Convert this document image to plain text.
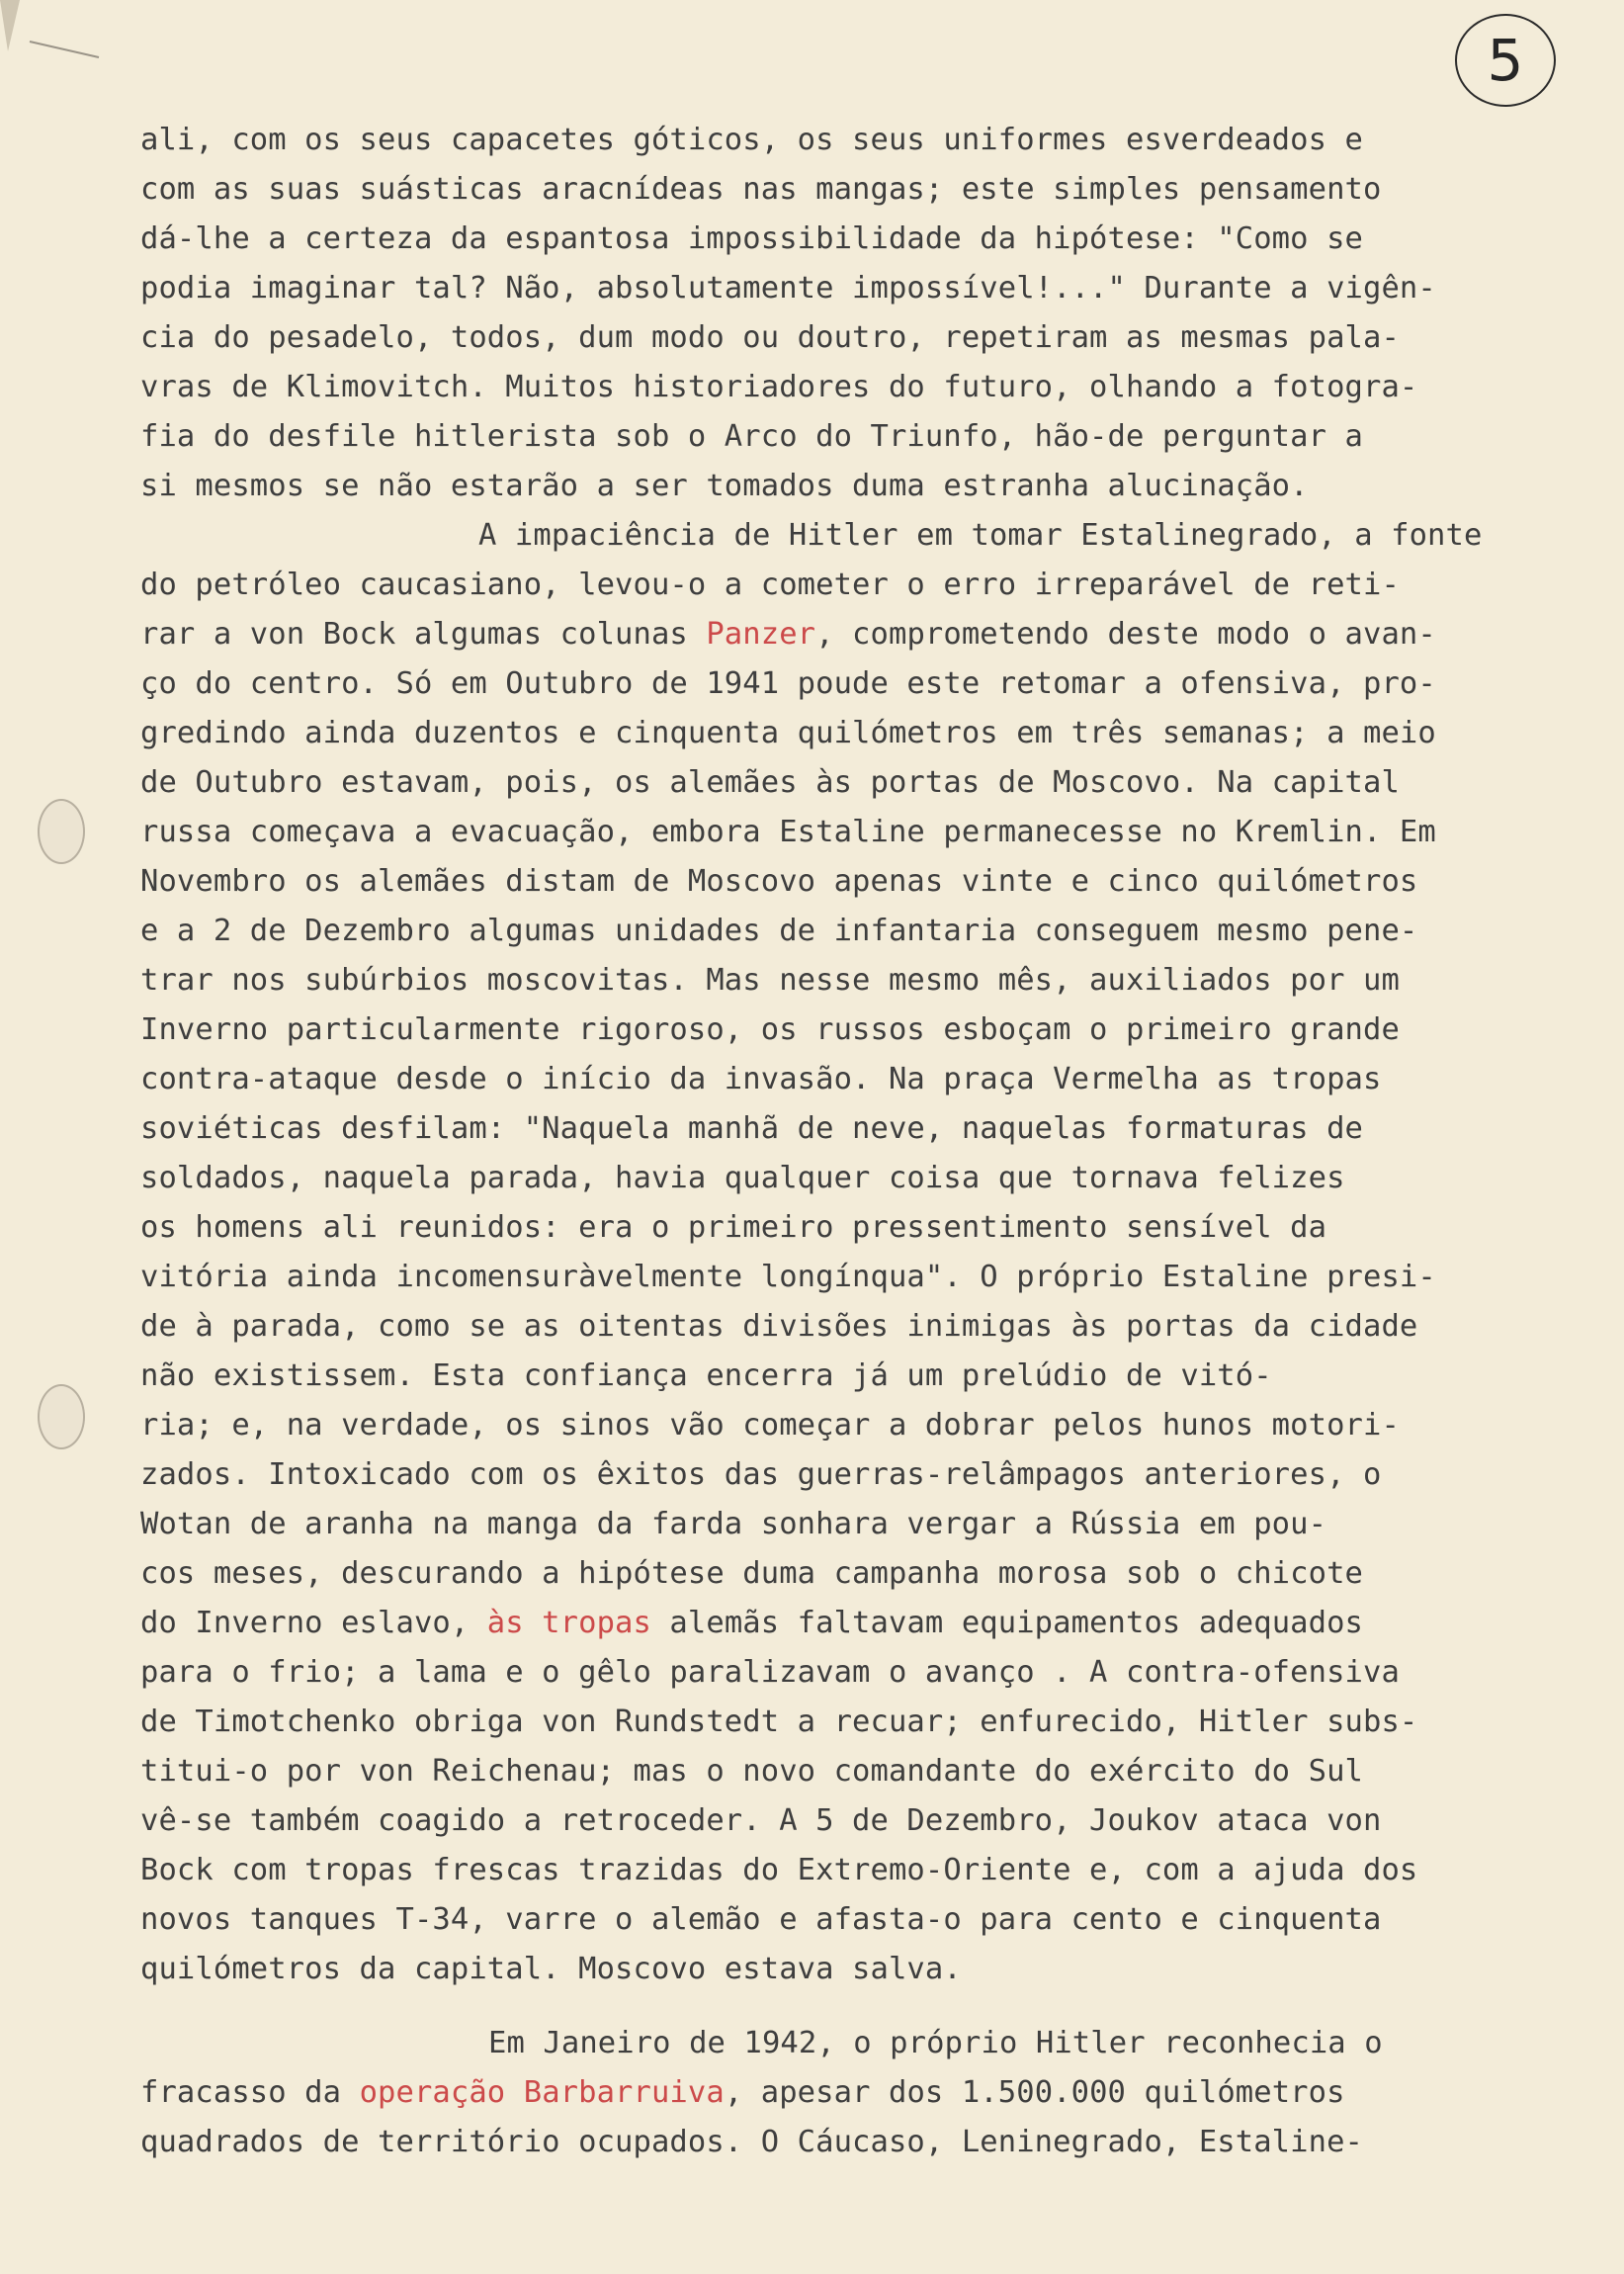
5
ali, com os seus capacetes góticos, os seus uniformes esverdeados e
com as suas suásticas aracnídeas nas mangas; este simples pensamento
dá-lhe a certeza da espantosa impossibilidade da hipótese: "Como se
podia imaginar tal? Não, absolutamente impossível!..." Durante a vigên-
cia do pesadelo, todos, dum modo ou doutro, repetiram as mesmas pala-
vras de Klimovitch. Muitos historiadores do futuro, olhando a fotogra-
fia do desfile hitlerista sob o Arco do Triunfo, hão-de perguntar a
si mesmos se não estarão a ser tomados duma estranha alucinação.
A impaciência de Hitler em tomar Estalinegrado, a fonte
do petróleo caucasiano, levou-o a cometer o erro irreparável de reti-
rar a von Bock algumas colunas Panzer, comprometendo deste modo o avan-
ço do centro. Só em Outubro de 1941 poude este retomar a ofensiva, pro-
gredindo ainda duzentos e cinquenta quilómetros em três semanas; a meio
de Outubro estavam, pois, os alemães às portas de Moscovo. Na capital
russa começava a evacuação, embora Estaline permanecesse no Kremlin. Em
Novembro os alemães distam de Moscovo apenas vinte e cinco quilómetros
e a 2 de Dezembro algumas unidades de infantaria conseguem mesmo pene-
trar nos subúrbios moscovitas. Mas nesse mesmo mês, auxiliados por um
Inverno particularmente rigoroso, os russos esboçam o primeiro grande
contra-ataque desde o início da invasão. Na praça Vermelha as tropas
soviéticas desfilam: "Naquela manhã de neve, naquelas formaturas de
soldados, naquela parada, havia qualquer coisa que tornava felizes
os homens ali reunidos: era o primeiro pressentimento sensível da
vitória ainda incomensuràvelmente longínqua". O próprio Estaline presi-
de à parada, como se as oitentas divisões inimigas às portas da cidade
não existissem. Esta confiança encerra já um prelúdio de vitó-
ria; e, na verdade, os sinos vão começar a dobrar pelos hunos motori-
zados. Intoxicado com os êxitos das guerras-relâmpagos anteriores, o
Wotan de aranha na manga da farda sonhara vergar a Rússia em pou-
cos meses, descurando a hipótese duma campanha morosa sob o chicote
do Inverno eslavo, às tropas alemãs faltavam equipamentos adequados
para o frio; a lama e o gêlo paralizavam o avanço . A contra-ofensiva
de Timotchenko obriga von Rundstedt a recuar; enfurecido, Hitler subs-
titui-o por von Reichenau; mas o novo comandante do exército do Sul
vê-se também coagido a retroceder. A 5 de Dezembro, Joukov ataca von
Bock com tropas frescas trazidas do Extremo-Oriente e, com a ajuda dos
novos tanques T-34, varre o alemão e afasta-o para cento e cinquenta
quilómetros da capital. Moscovo estava salva.
Em Janeiro de 1942, o próprio Hitler reconhecia o
fracasso da operação Barbarruiva, apesar dos 1.500.000 quilómetros
quadrados de território ocupados. O Cáucaso, Leninegrado, Estaline-
